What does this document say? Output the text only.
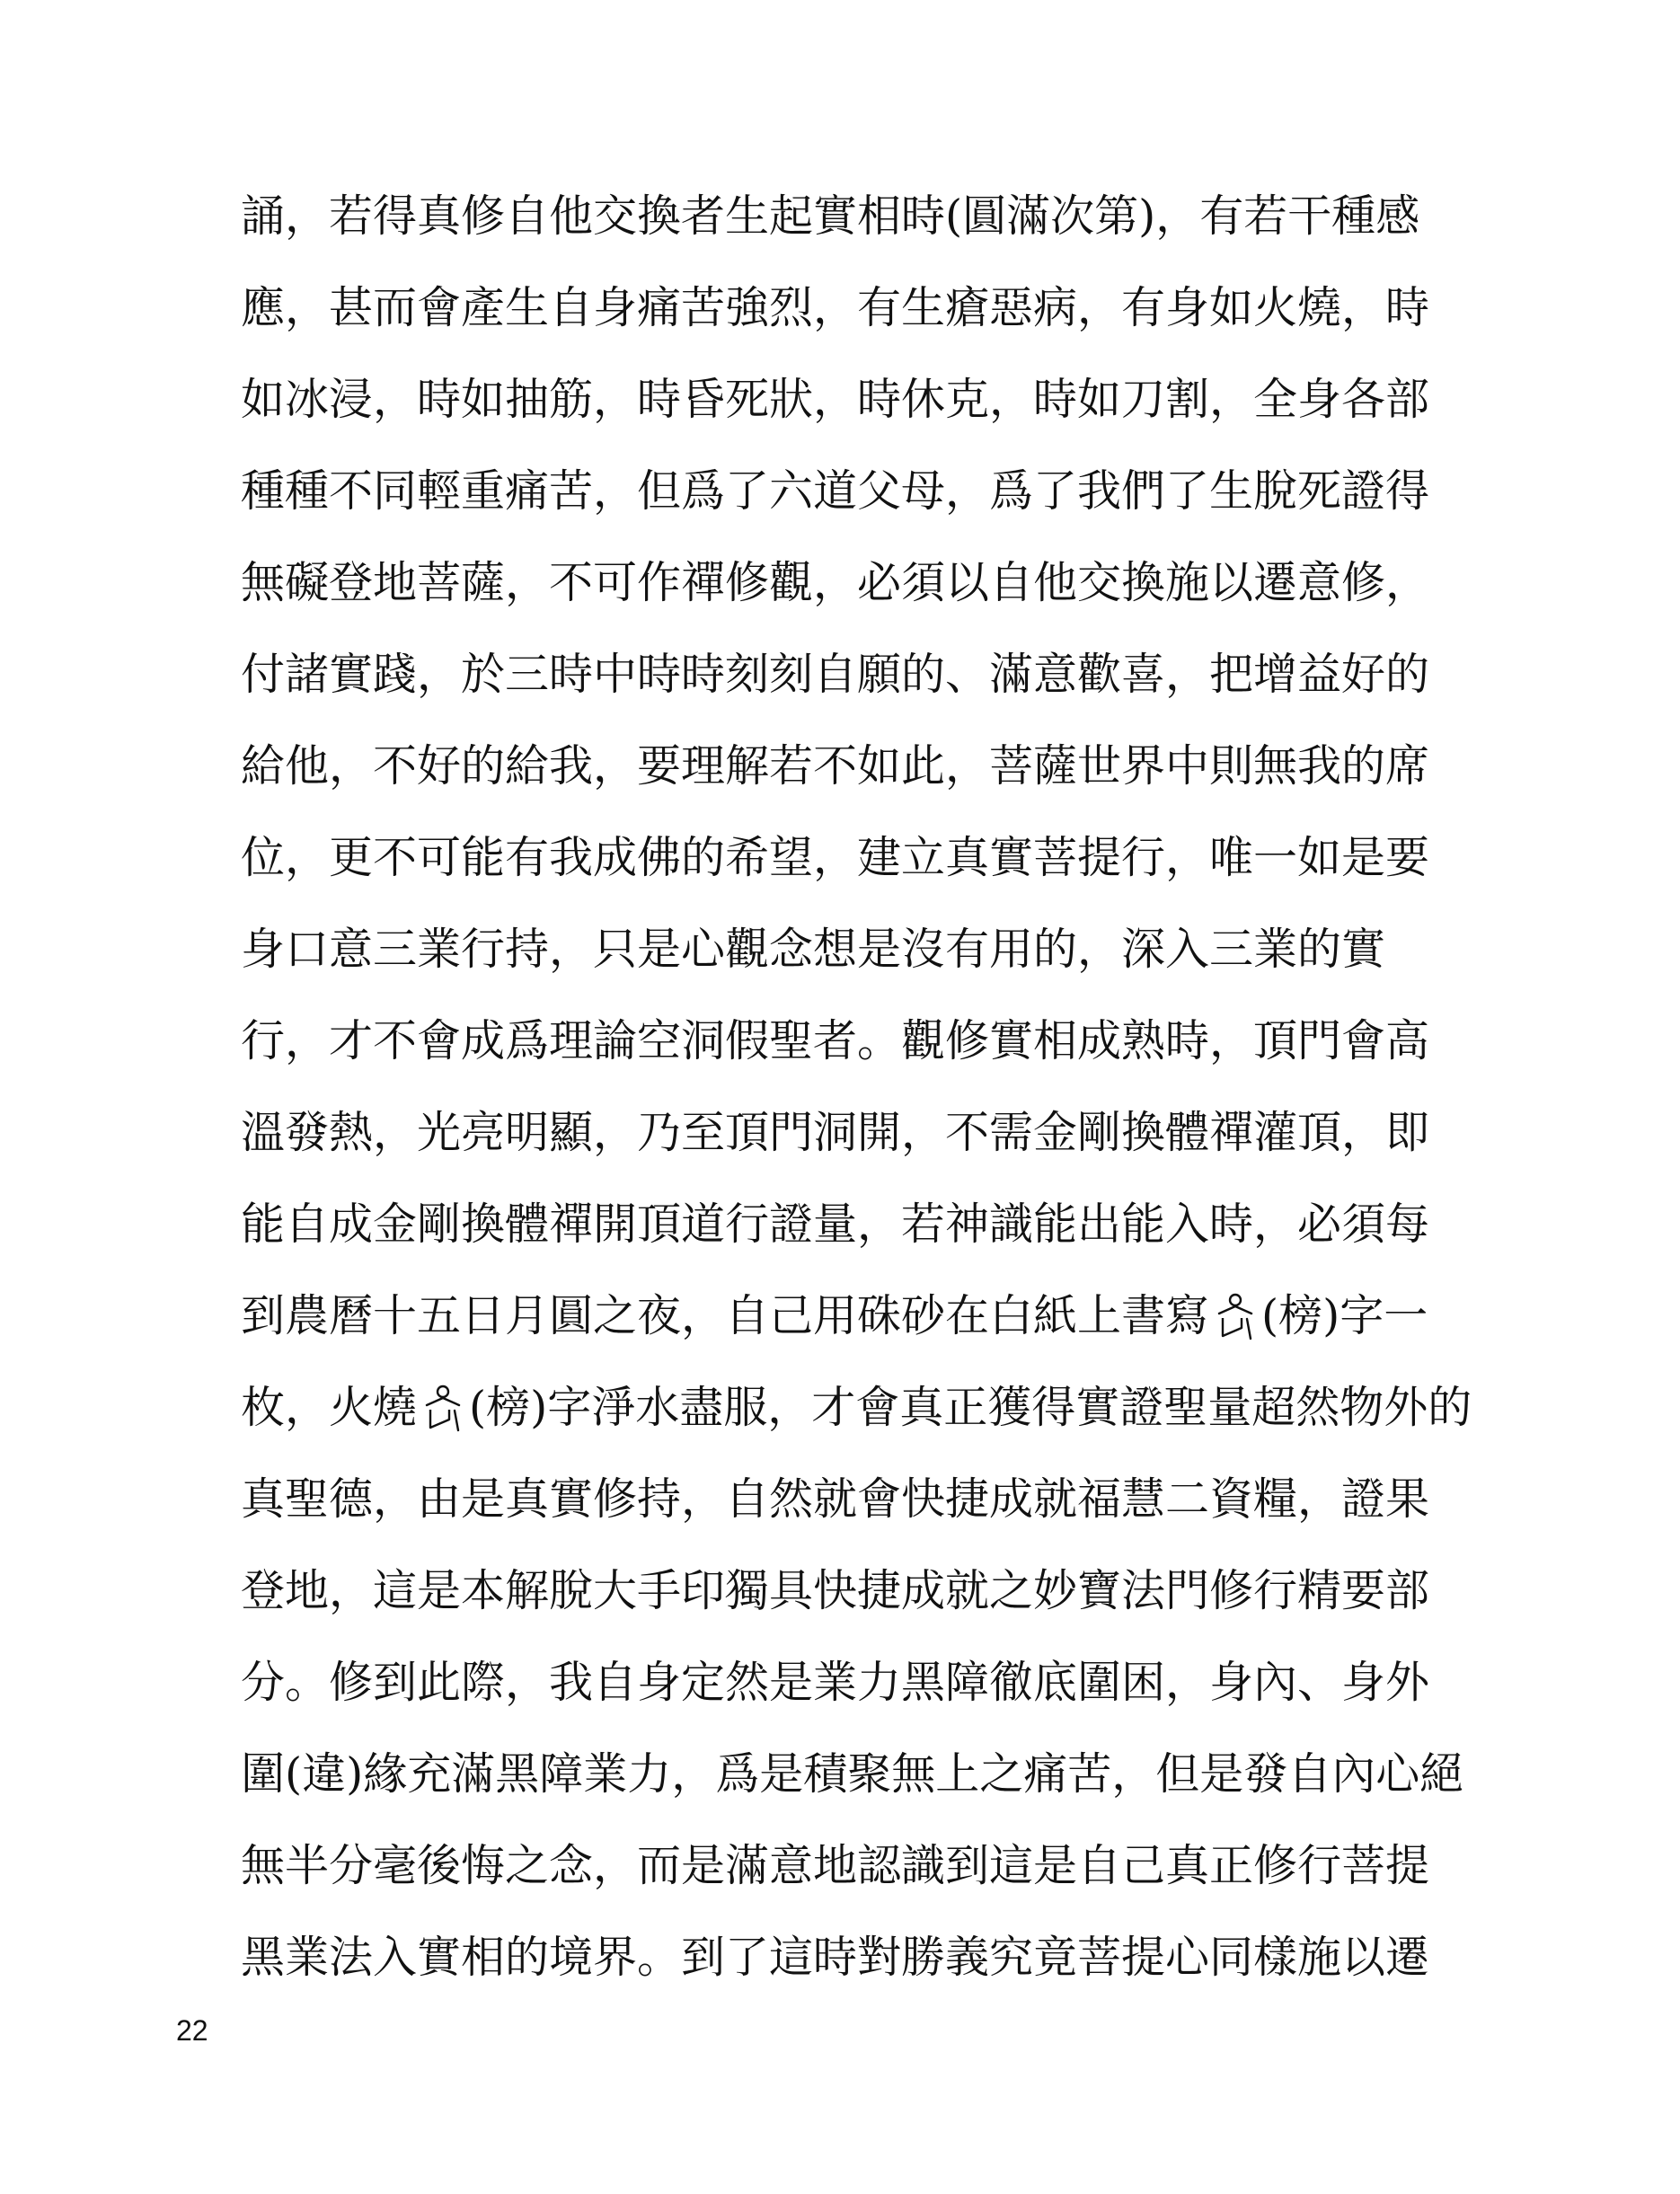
誦，若得真修自他交換者生起實相時(圓滿次第)，有若干種感
應，甚而會產生自身痛苦強烈，有生瘡惡病，有身如火燒，時
如冰浸，時如抽筋，時昏死狀，時休克，時如刀割，全身各部
種種不同輕重痛苦，但爲了六道父母，爲了我們了生脫死證得
無礙登地菩薩，不可作禪修觀，必須以自他交換施以遷意修，
付諸實踐，於三時中時時刻刻自願的、滿意歡喜，把增益好的
給他，不好的給我，要理解若不如此，菩薩世界中則無我的席
位，更不可能有我成佛的希望，建立真實菩提行，唯一如是要
身口意三業行持，只是心觀念想是沒有用的，深入三業的實
行，才不會成爲理論空洞假聖者。觀修實相成熟時，頂門會高
溫發熱，光亮明顯，乃至頂門洞開，不需金剛換體禪灌頂，即
能自成金剛換體禪開頂道行證量，若神識能出能入時，必須每
到農曆十五日月圓之夜，自己用硃砂在白紙上書寫 (榜)字一
枚，火燒 (榜)字淨水盡服，才會真正獲得實證聖量超然物外的
真聖德，由是真實修持，自然就會快捷成就福慧二資糧，證果
登地，這是本解脫大手印獨具快捷成就之妙寶法門修行精要部
分。修到此際，我自身定然是業力黑障徹底圍困，身內、身外
圍(違)緣充滿黑障業力，爲是積聚無上之痛苦，但是發自內心絕
無半分毫後悔之念，而是滿意地認識到這是自己真正修行菩提
黑業法入實相的境界。到了這時對勝義究竟菩提心同樣施以遷
22
